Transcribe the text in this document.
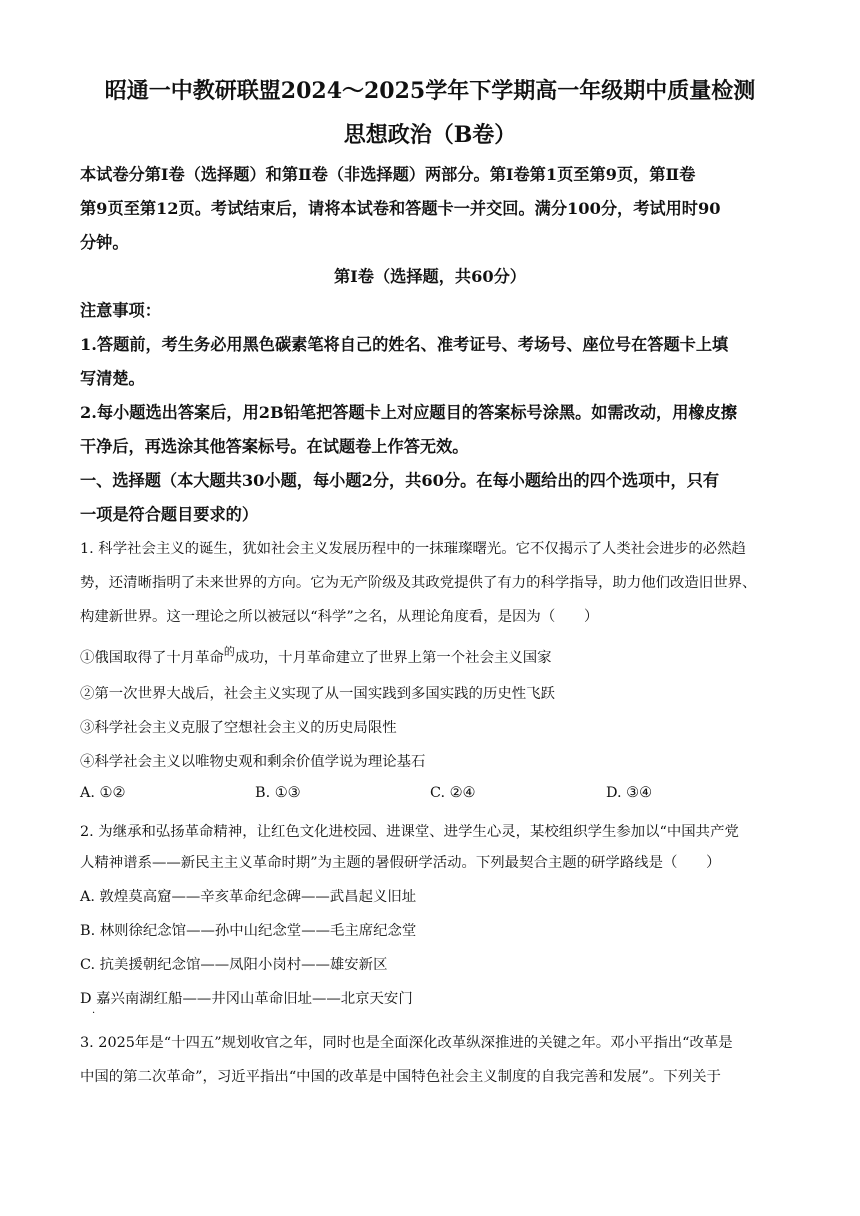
昭通一中教研联盟2024～2025学年下学期高一年级期中质量检测
思想政治（B卷）
本试卷分第Ⅰ卷（选择题）和第Ⅱ卷（非选择题）两部分。第Ⅰ卷第1页至第9页，第Ⅱ卷
第9页至第12页。考试结束后，请将本试卷和答题卡一并交回。满分100分，考试用时90
分钟。
第Ⅰ卷（选择题，共60分）
注意事项：
1.答题前，考生务必用黑色碳素笔将自己的姓名、准考证号、考场号、座位号在答题卡上填
写清楚。
2.每小题选出答案后，用2B铅笔把答题卡上对应题目的答案标号涂黑。如需改动，用橡皮擦
干净后，再选涂其他答案标号。在试题卷上作答无效。
一、选择题（本大题共30小题，每小题2分，共60分。在每小题给出的四个选项中，只有
一项是符合题目要求的）
1. 科学社会主义的诞生，犹如社会主义发展历程中的一抹璀璨曙光。它不仅揭示了人类社会进步的必然趋
势，还清晰指明了未来世界的方向。它为无产阶级及其政党提供了有力的科学指导，助力他们改造旧世界、
构建新世界。这一理论之所以被冠以“科学”之名，从理论角度看，是因为（　　）
①俄国取得了十月革命$^的$成功，十月革命建立了世界上第一个社会主义国家
②第一次世界大战后，社会主义实现了从一国实践到多国实践的历史性飞跃
③科学社会主义克服了空想社会主义的历史局限性
④科学社会主义以唯物史观和剩余价值学说为理论基石
A. ①②	B. ①③	C. ②④	D. ③④
2. 为继承和弘扬革命精神，让红色文化进校园、进课堂、进学生心灵，某校组织学生参加以“中国共产党
人精神谱系——新民主主义革命时期”为主题的暑假研学活动。下列最契合主题的研学路线是（　　）
A. 敦煌莫高窟——辛亥革命纪念碑——武昌起义旧址
B. 林则徐纪念馆——孙中山纪念堂——毛主席纪念堂
C. 抗美援朝纪念馆——凤阳小岗村——雄安新区
D 嘉兴南湖红船——井冈山革命旧址——北京天安门
·
3. 2025年是“十四五”规划收官之年，同时也是全面深化改革纵深推进的关键之年。邓小平指出“改革是
中国的第二次革命”，习近平指出“中国的改革是中国特色社会主义制度的自我完善和发展”。下列关于
